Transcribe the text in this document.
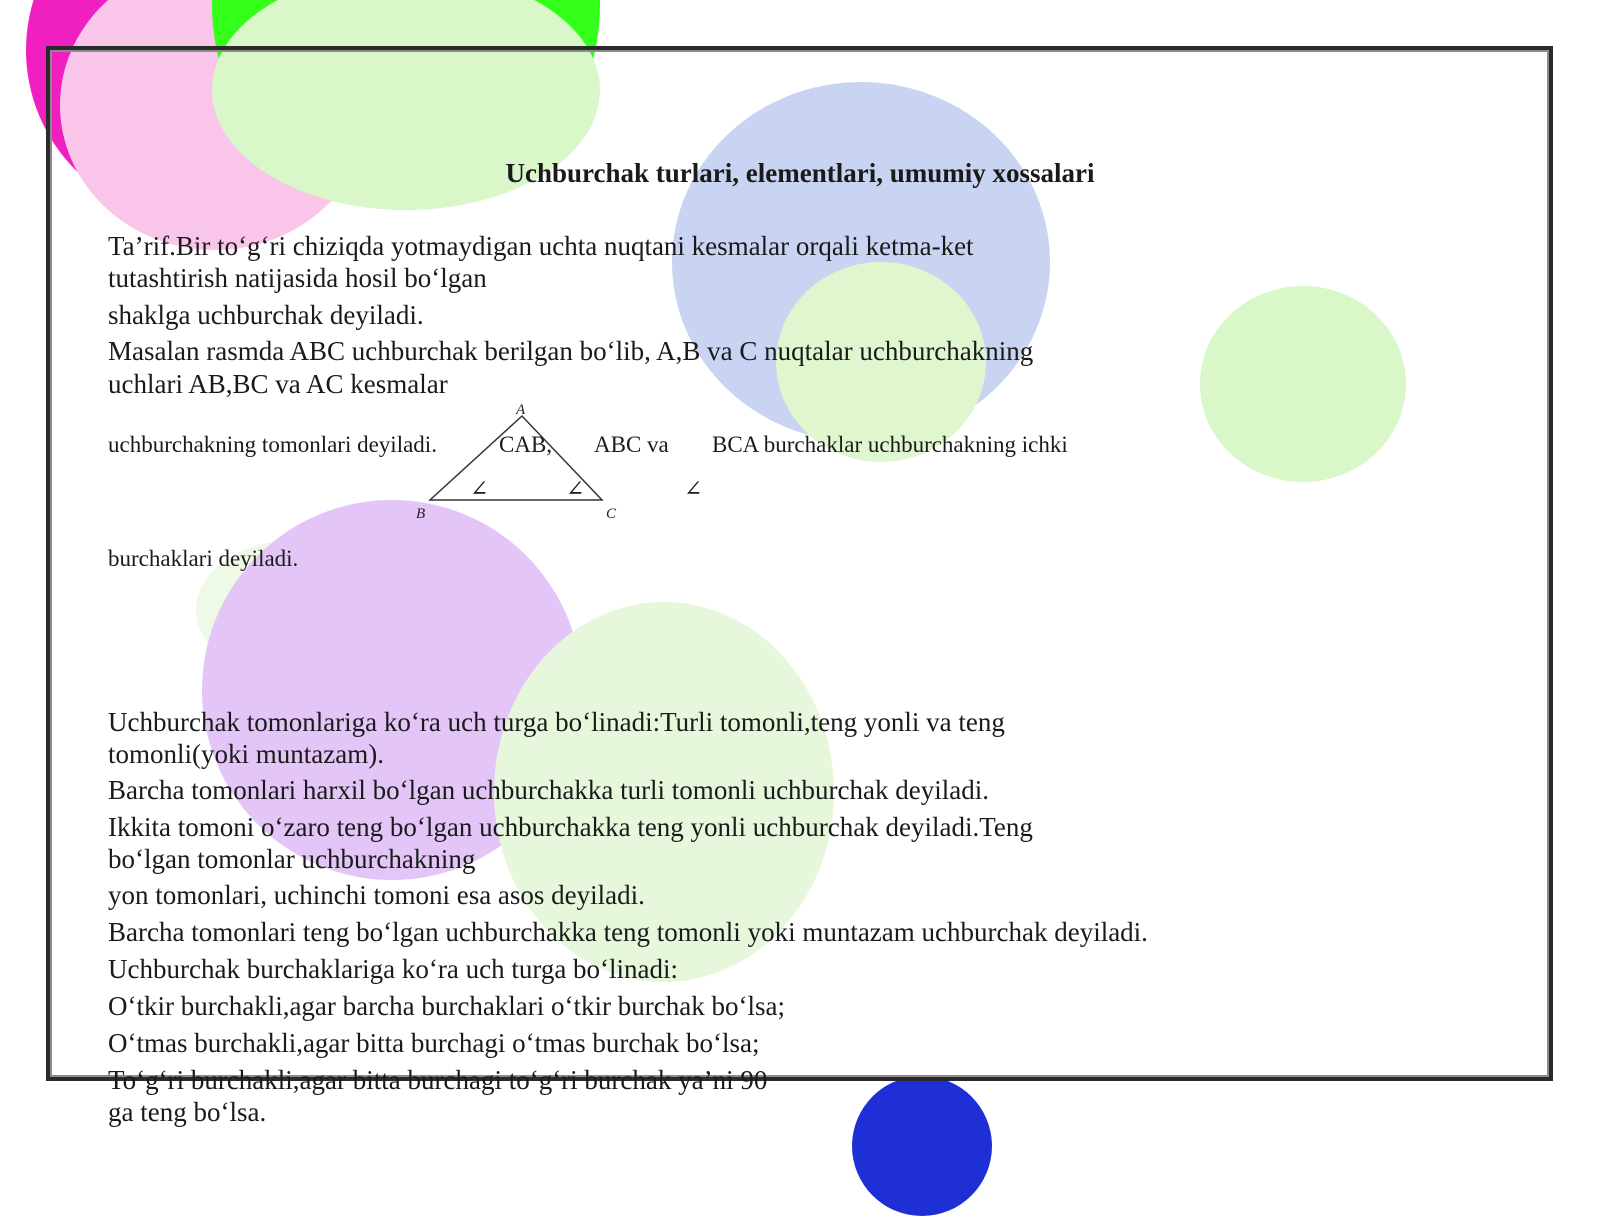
Uchburchak turlari, elementlari, umumiy xossalari

Ta’rif.Bir to‘g‘ri chiziqda yotmaydigan uchta nuqtani kesmalar orqali ketma-ket

tutashtirish natijasida hosil bo‘lgan

shaklga uchburchak deyiladi.

Masalan rasmda ABC uchburchak berilgan bo‘lib, A,B va C nuqtalar uchburchakning

uchlari AB,BC va AC kesmalar

uchburchakning tomonlari deyiladi.	CAB, ABC va BCA burchaklar uchburchakning ichki
A
B	C
∠	∠	∠

burchaklari deyiladi.

Uchburchak tomonlariga ko‘ra uch turga bo‘linadi:Turli tomonli,teng yonli va teng

tomonli(yoki muntazam).

Barcha tomonlari harxil bo‘lgan uchburchakka turli tomonli uchburchak deyiladi.

Ikkita tomoni o‘zaro teng bo‘lgan uchburchakka teng yonli uchburchak deyiladi.Teng

bo‘lgan tomonlar uchburchakning

yon tomonlari, uchinchi tomoni esa asos deyiladi.

Barcha tomonlari teng bo‘lgan uchburchakka teng tomonli yoki muntazam uchburchak deyiladi.

Uchburchak burchaklariga ko‘ra uch turga bo‘linadi:

O‘tkir burchakli,agar barcha burchaklari o‘tkir burchak bo‘lsa;

O‘tmas burchakli,agar bitta burchagi o‘tmas burchak bo‘lsa;

To‘g‘ri burchakli,agar bitta burchagi to‘g‘ri burchak ya’ni 90

ga teng bo‘lsa.
